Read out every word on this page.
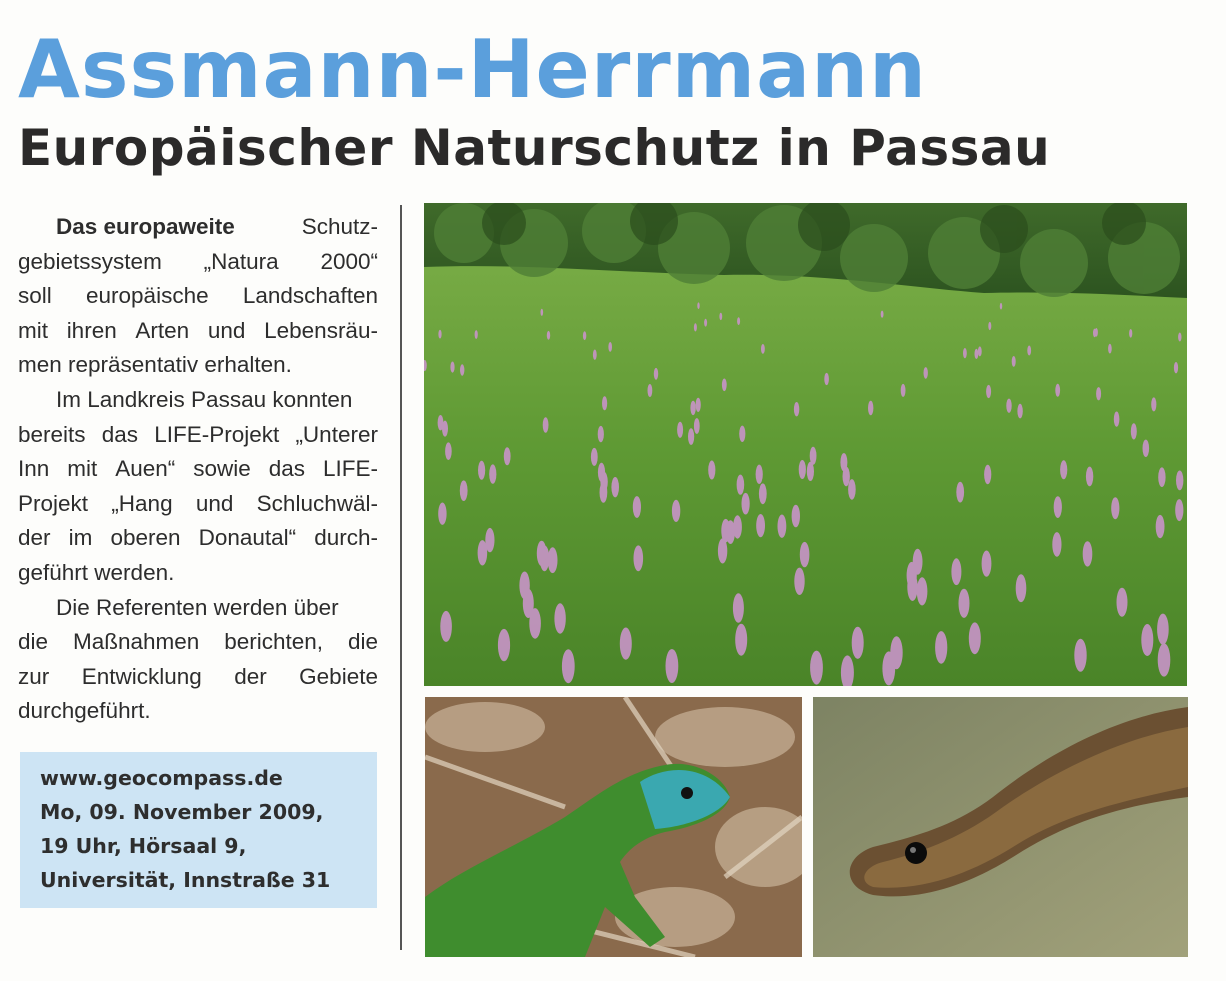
Assmann-Herrmann
Europäischer Naturschutz in Passau
Das europaweite	Schutz-
gebietssystem „Natura 2000“
soll europäische Landschaften
mit ihren Arten und Lebensräu-
men repräsentativ erhalten.
Im Landkreis Passau konnten
bereits das LIFE-Projekt „Unterer
Inn mit Auen“ sowie das LIFE-
Projekt „Hang und Schluchwäl-
der im oberen Donautal“ durch-
geführt werden.
Die Referenten werden über
die Maßnahmen berichten, die
zur Entwicklung der Gebiete
durchgeführt.
www.geocompass.de
Mo, 09. November 2009,
19 Uhr, Hörsaal 9,
Universität, Innstraße 31
